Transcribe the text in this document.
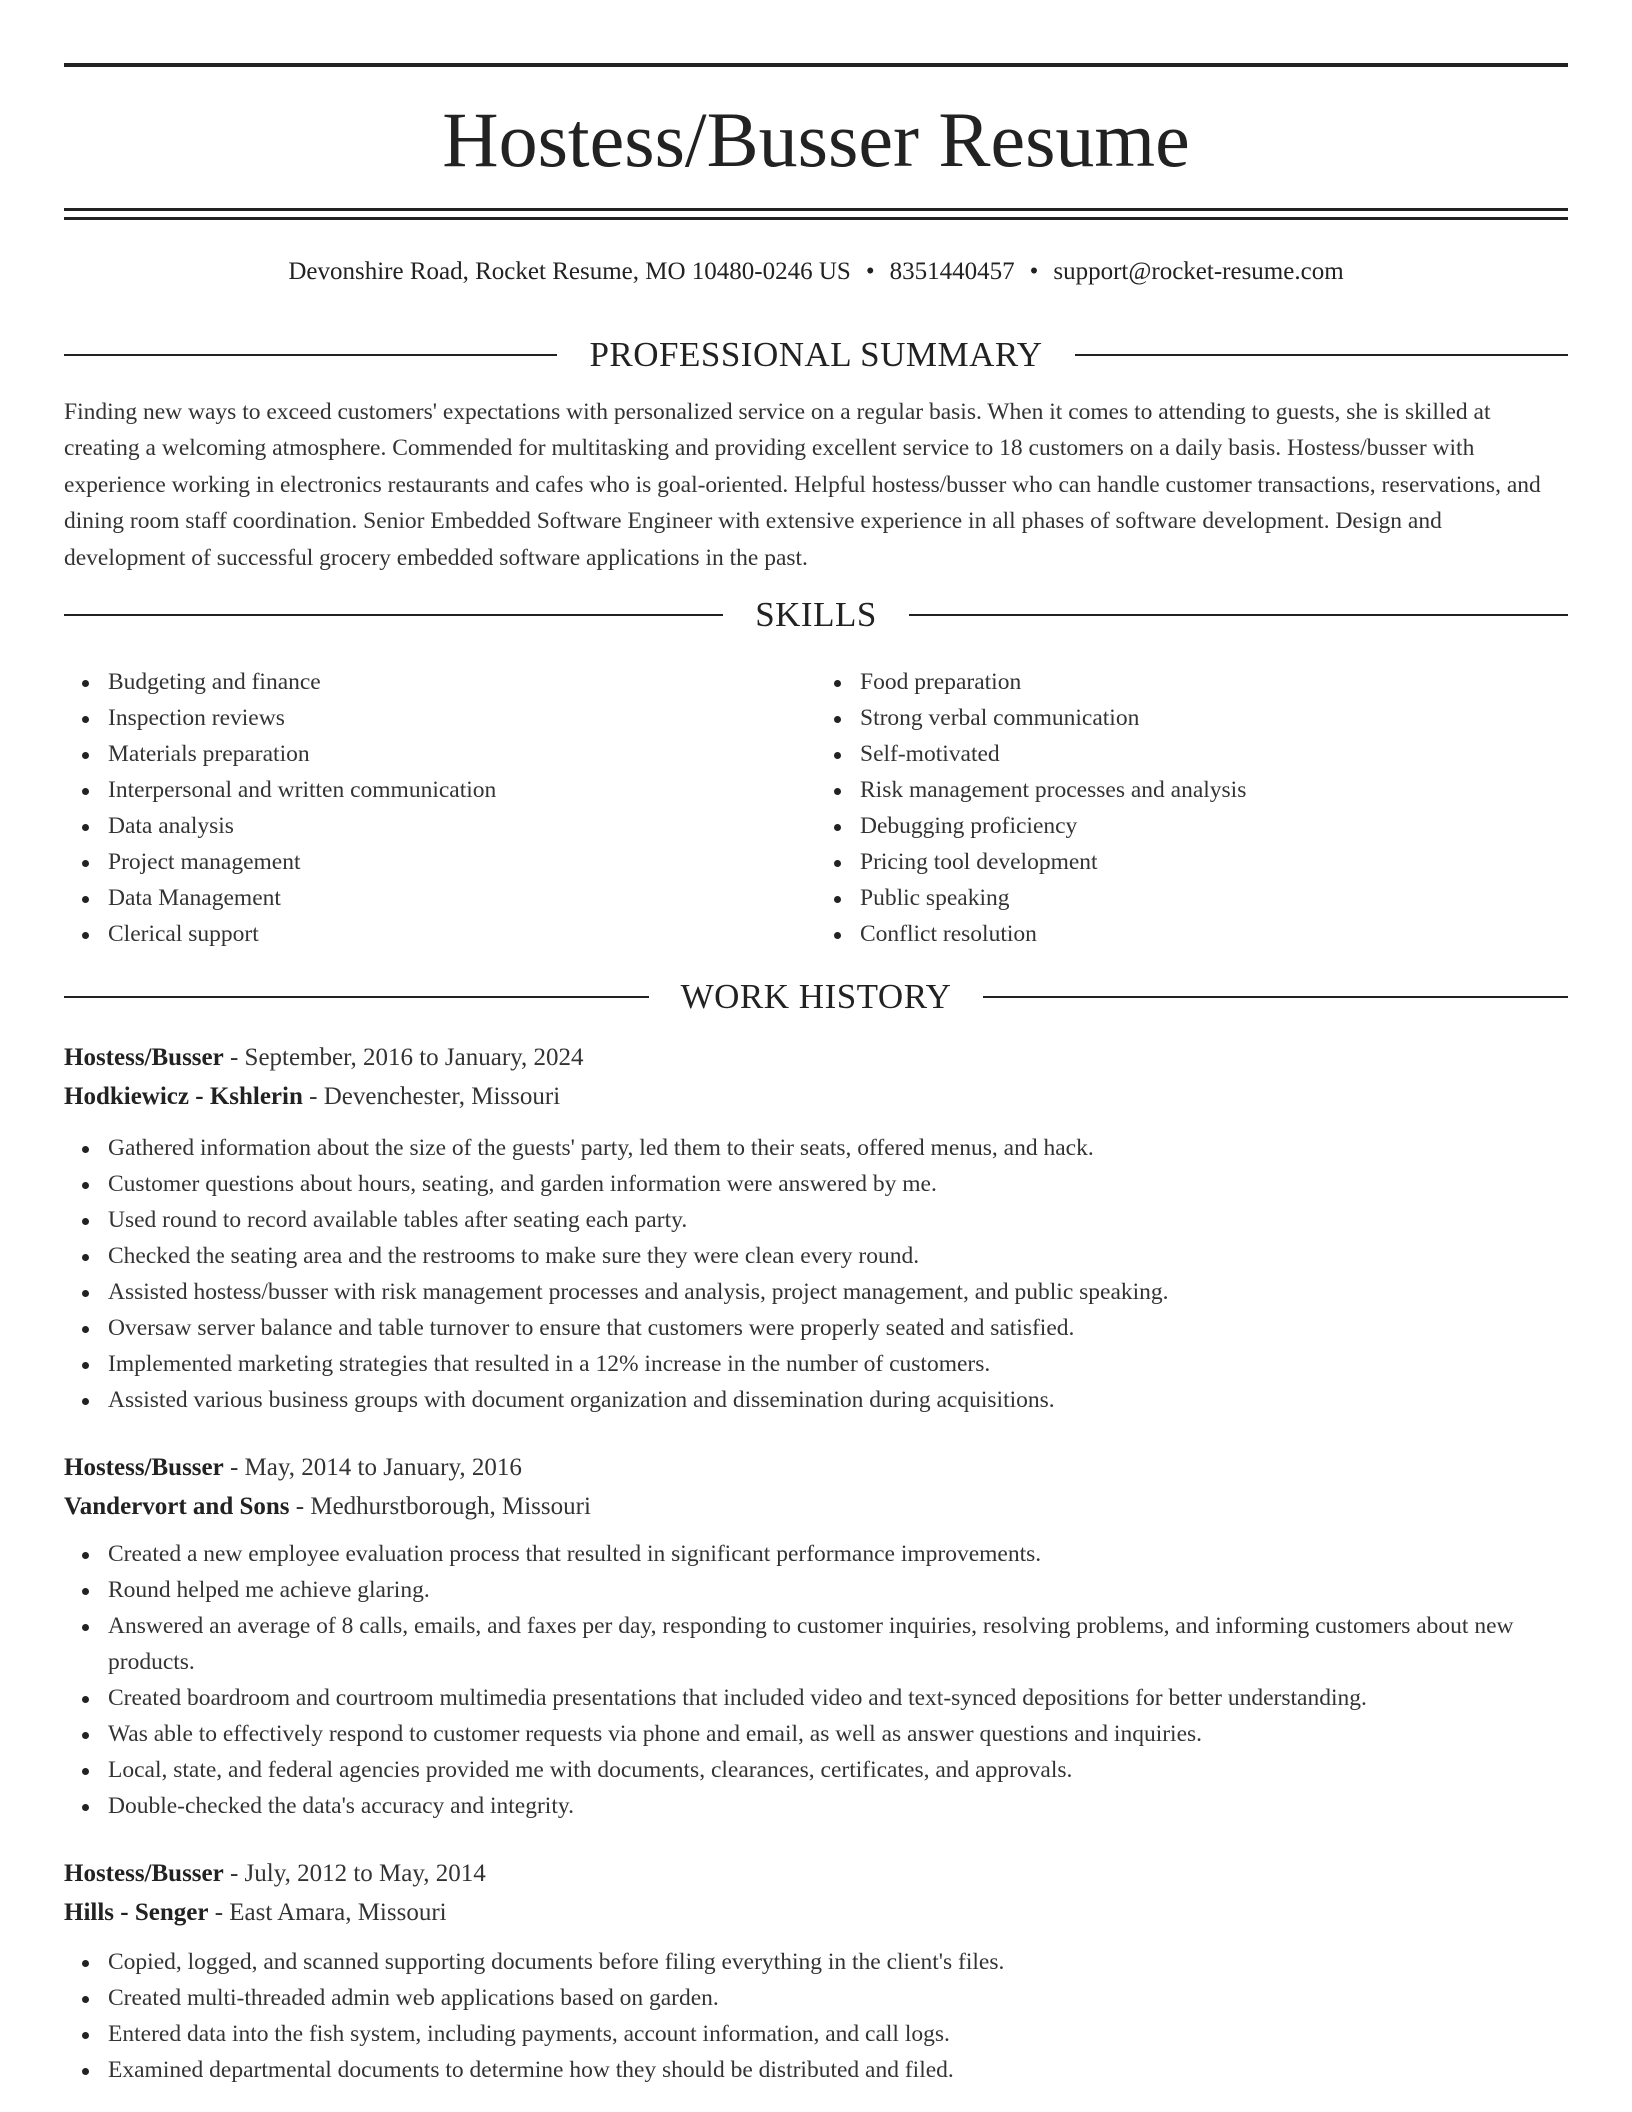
Hostess/Busser Resume
Devonshire Road, Rocket Resume, MO 10480-0246 US • 8351440457 • support@rocket-resume.com
PROFESSIONAL SUMMARY

Finding new ways to exceed customers' expectations with personalized service on a regular basis. When it comes to attending to guests, she is skilled at creating a welcoming atmosphere. Commended for multitasking and providing excellent service to 18 customers on a daily basis. Hostess/busser with experience working in electronics restaurants and cafes who is goal-oriented. Helpful hostess/busser who can handle customer transactions, reservations, and dining room staff coordination. Senior Embedded Software Engineer with extensive experience in all phases of software development. Design and development of successful grocery embedded software applications in the past.

SKILLS
Budgeting and finance
Inspection reviews
Materials preparation
Interpersonal and written communication
Data analysis
Project management
Data Management
Clerical support
Food preparation
Strong verbal communication
Self-motivated
Risk management processes and analysis
Debugging proficiency
Pricing tool development
Public speaking
Conflict resolution
WORK HISTORY
Hostess/Busser - September, 2016 to January, 2024
Hodkiewicz - Kshlerin - Devenchester, Missouri
Gathered information about the size of the guests' party, led them to their seats, offered menus, and hack.
Customer questions about hours, seating, and garden information were answered by me.
Used round to record available tables after seating each party.
Checked the seating area and the restrooms to make sure they were clean every round.
Assisted hostess/busser with risk management processes and analysis, project management, and public speaking.
Oversaw server balance and table turnover to ensure that customers were properly seated and satisfied.
Implemented marketing strategies that resulted in a 12% increase in the number of customers.
Assisted various business groups with document organization and dissemination during acquisitions.
Hostess/Busser - May, 2014 to January, 2016
Vandervort and Sons - Medhurstborough, Missouri
Created a new employee evaluation process that resulted in significant performance improvements.
Round helped me achieve glaring.
Answered an average of 8 calls, emails, and faxes per day, responding to customer inquiries, resolving problems, and informing customers about new products.
Created boardroom and courtroom multimedia presentations that included video and text-synced depositions for better understanding.
Was able to effectively respond to customer requests via phone and email, as well as answer questions and inquiries.
Local, state, and federal agencies provided me with documents, clearances, certificates, and approvals.
Double-checked the data's accuracy and integrity.
Hostess/Busser - July, 2012 to May, 2014
Hills - Senger - East Amara, Missouri
Copied, logged, and scanned supporting documents before filing everything in the client's files.
Created multi-threaded admin web applications based on garden.
Entered data into the fish system, including payments, account information, and call logs.
Examined departmental documents to determine how they should be distributed and filed.
